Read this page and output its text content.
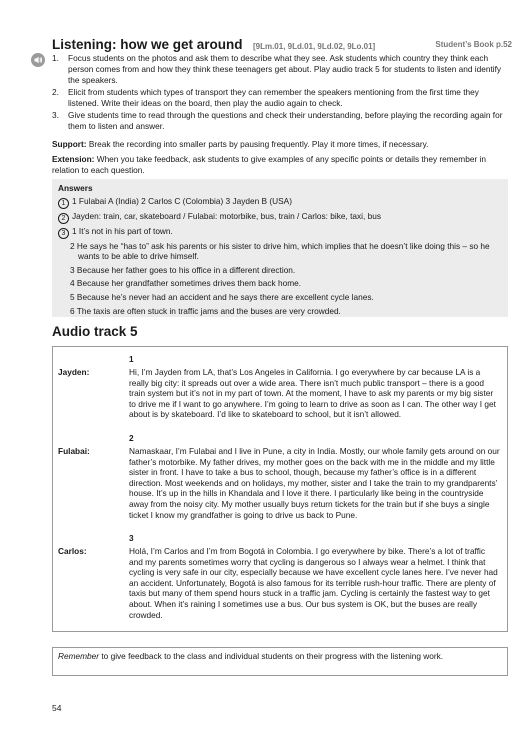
Listening: how we get around [9Lm.01, 9Ld.01, 9Ld.02, 9Lo.01]	Student’s Book p.52
1. Focus students on the photos and ask them to describe what they see. Ask students which country they think each person comes from and how they think these teenagers get about. Play audio track 5 for students to listen and identify the speakers.
2. Elicit from students which types of transport they can remember the speakers mentioning from the first time they listened. Write their ideas on the board, then play the audio again to check.
3. Give students time to read through the questions and check their understanding, before playing the recording again for them to listen and answer.

Support: Break the recording into smaller parts by pausing frequently. Play it more times, if necessary.

Extension: When you take feedback, ask students to give examples of any specific points or details they remember in relation to each question.

Answers
1 1 Fulabai A (India) 2 Carlos C (Colombia) 3 Jayden B (USA)
2 Jayden: train, car, skateboard / Fulabai: motorbike, bus, train / Carlos: bike, taxi, bus
3 1 It’s not in his part of town.
2 He says he “has to” ask his parents or his sister to drive him, which implies that he doesn’t like doing this – so he wants to be able to drive himself.
3 Because her father goes to his office in a different direction.
4 Because her grandfather sometimes drives them back home.
5 Because he’s never had an accident and he says there are excellent cycle lanes.
6 The taxis are often stuck in traffic jams and the buses are very crowded.
Audio track 5
1
Jayden:	Hi, I’m Jayden from LA, that’s Los Angeles in California. I go everywhere by car because LA is a really big city: it spreads out over a wide area. There isn’t much public transport – there is a good train system but it’s not in my part of town. At the moment, I have to ask my parents or my big sister to drive me if I want to go anywhere. I’m going to learn to drive as soon as I can. The other way I get about is by skateboard. I’d like to skateboard to school, but it isn’t allowed.
2
Fulabai:	Namaskaar, I’m Fulabai and I live in Pune, a city in India. Mostly, our whole family gets around on our father’s motorbike. My father drives, my mother goes on the back with me in the middle and my little sister in front. I have to take a bus to school, though, because my father’s office is in a different direction. Most weekends and on holidays, my mother, sister and I take the train to my grandparents’ house. It’s up in the hills in Khandala and I love it there. I particularly like being in the countryside away from the noisy city. My mother usually buys return tickets for the train but if she buys a single ticket I know my grandfather is going to drive us back to Pune.
3
Carlos:	Holá, I’m Carlos and I’m from Bogotá in Colombia. I go everywhere by bike. There’s a lot of traffic and my parents sometimes worry that cycling is dangerous so I always wear a helmet. I think that cycling is very safe in our city, especially because we have excellent cycle lanes here. I’ve never had an accident. Unfortunately, Bogotá is also famous for its terrible rush-hour traffic. There are plenty of taxis but many of them spend hours stuck in a traffic jam. Cycling is certainly the fastest way to get about. When it’s raining I sometimes use a bus. Our bus system is OK, but the buses are really crowded.
Remember to give feedback to the class and individual students on their progress with the listening work.
54
